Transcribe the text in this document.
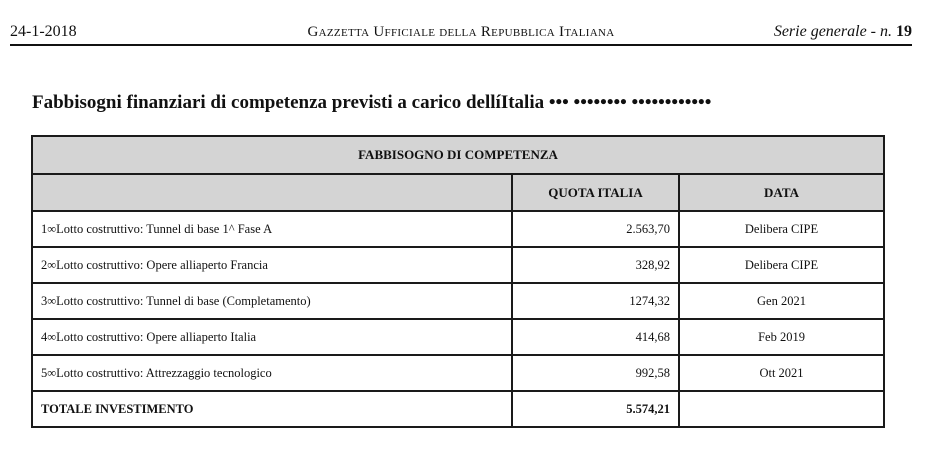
24-1-2018	Gazzetta Ufficiale della Repubblica Italiana	Serie generale - n. 19
Fabbisogni finanziari di competenza previsti a carico dellíItalia ••• •••••••• ••••••••••••
FABBISOGNO DI COMPETENZA		
	QUOTA ITALIA	DATA
1∞Lotto costruttivo: Tunnel di base 1^ Fase A	2.563,70	Delibera CIPE
2∞Lotto costruttivo: Opere alliaperto Francia	328,92	Delibera CIPE
3∞Lotto costruttivo: Tunnel di base (Completamento)	1274,32	Gen 2021
4∞Lotto costruttivo: Opere alliaperto Italia	414,68	Feb 2019
5∞Lotto costruttivo: Attrezzaggio tecnologico	992,58	Ott 2021
TOTALE INVESTIMENTO	5.574,21	
